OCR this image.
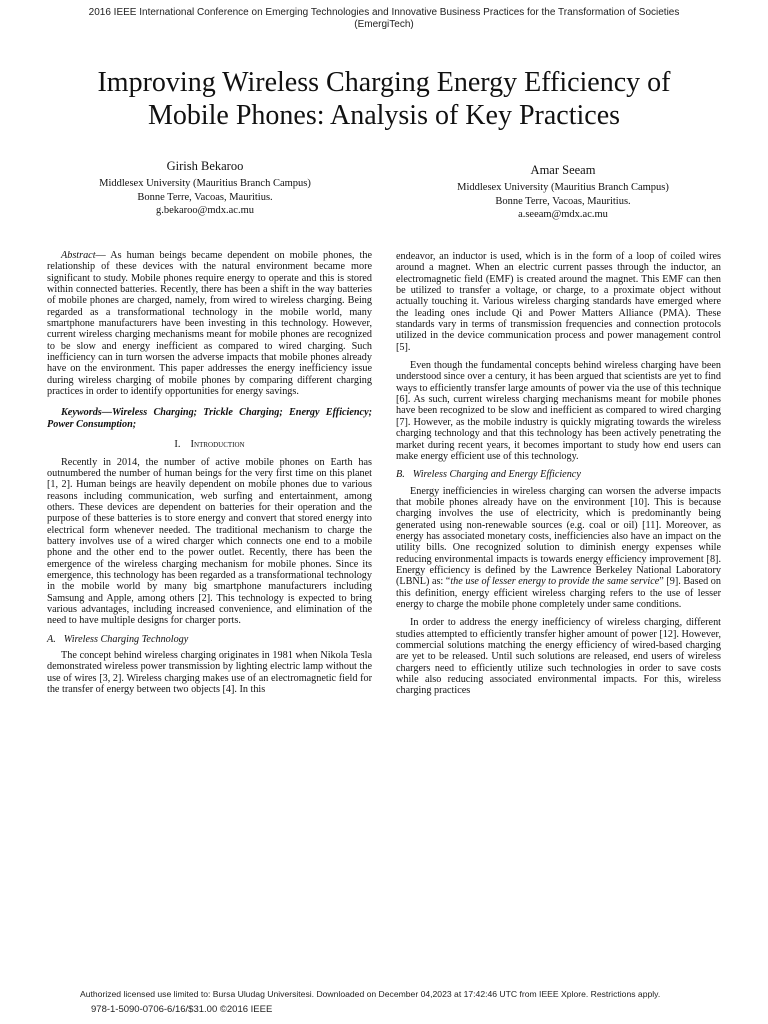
2016 IEEE International Conference on Emerging Technologies and Innovative Business Practices for the Transformation of Societies (EmergiTech)
Improving Wireless Charging Energy Efficiency of
Mobile Phones: Analysis of Key Practices
Girish Bekaroo
Middlesex University (Mauritius Branch Campus)
Bonne Terre, Vacoas, Mauritius.
g.bekaroo@mdx.ac.mu
Amar Seeam
Middlesex University (Mauritius Branch Campus)
Bonne Terre, Vacoas, Mauritius.
a.seeam@mdx.ac.mu

Abstract— As human beings became dependent on mobile phones, the relationship of these devices with the natural environment became more significant to study. Mobile phones require energy to operate and this is stored within connected batteries. Recently, there has been a shift in the way batteries of mobile phones are charged, namely, from wired to wireless charging. Being regarded as a transformational technology in the mobile world, many smartphone manufacturers have been investing in this technology. However, current wireless charging mechanisms meant for mobile phones are recognized to be slow and energy inefficient as compared to wired charging. Such inefficiency can in turn worsen the adverse impacts that mobile phones already have on the environment. This paper addresses the energy inefficiency issue during wireless charging of mobile phones by comparing different charging practices in order to identify opportunities for energy savings.

Keywords—Wireless Charging; Trickle Charging; Energy Efficiency; Power Consumption;

I. Introduction

Recently in 2014, the number of active mobile phones on Earth has outnumbered the number of human beings for the very first time on this planet [1, 2]. Human beings are heavily dependent on mobile phones due to various reasons including communication, web surfing and entertainment, among others. These devices are dependent on batteries for their operation and the purpose of these batteries is to store energy and convert that stored energy into electrical form whenever needed. The traditional mechanism to charge the battery involves use of a wired charger which connects one end to a mobile phone and the other end to the power outlet. Recently, there has been the emergence of the wireless charging mechanism for mobile phones. Since its emergence, this technology has been regarded as a transformational technology in the mobile world by many big smartphone manufacturers including Samsung and Apple, among others [2]. This technology is expected to bring various advantages, including increased convenience, and elimination of the need to have multiple designs for charger ports.

A. Wireless Charging Technology

The concept behind wireless charging originates in 1981 when Nikola Tesla demonstrated wireless power transmission by lighting electric lamp without the use of wires [3, 2]. Wireless charging makes use of an electromagnetic field for the transfer of energy between two objects [4]. In this

endeavor, an inductor is used, which is in the form of a loop of coiled wires around a magnet. When an electric current passes through the inductor, an electromagnetic field (EMF) is created around the magnet. This EMF can then be utilized to transfer a voltage, or charge, to a proximate object without actually touching it. Various wireless charging standards have emerged where the leading ones include Qi and Power Matters Alliance (PMA). These standards vary in terms of transmission frequencies and connection protocols utilized in the device communication process and power management control [5].

Even though the fundamental concepts behind wireless charging have been understood since over a century, it has been argued that scientists are yet to find ways to efficiently transfer large amounts of power via the use of this technique [6]. As such, current wireless charging mechanisms meant for mobile phones have been recognized to be slow and inefficient as compared to wired charging [7]. However, as the mobile industry is quickly migrating towards the wireless charging technology and that this technology has been actively penetrating the market during recent years, it becomes important to study how end users can make energy efficient use of this technology.

B. Wireless Charging and Energy Efficiency

Energy inefficiencies in wireless charging can worsen the adverse impacts that mobile phones already have on the environment [10]. This is because charging involves the use of electricity, which is predominantly being generated using non-renewable sources (e.g. coal or oil) [11]. Moreover, as energy has associated monetary costs, inefficiencies also have an impact on the utility bills. One recognized solution to diminish energy expenses while reducing environmental impacts is towards energy efficiency improvement [8]. Energy efficiency is defined by the Lawrence Berkeley National Laboratory (LBNL) as: “the use of lesser energy to provide the same service” [9]. Based on this definition, energy efficient wireless charging refers to the use of lesser energy to charge the mobile phone completely under same conditions.

In order to address the energy inefficiency of wireless charging, different studies attempted to efficiently transfer higher amount of power [12]. However, commercial solutions matching the energy efficiency of wired-based charging are yet to be released. Until such solutions are released, end users of wireless chargers need to efficiently utilize such technologies in order to save costs while also reducing associated environmental impacts. For this, wireless charging practices

Authorized licensed use limited to: Bursa Uludag Universitesi. Downloaded on December 04,2023 at 17:42:46 UTC from IEEE Xplore. Restrictions apply.
978-1-5090-0706-6/16/$31.00 ©2016 IEEE
